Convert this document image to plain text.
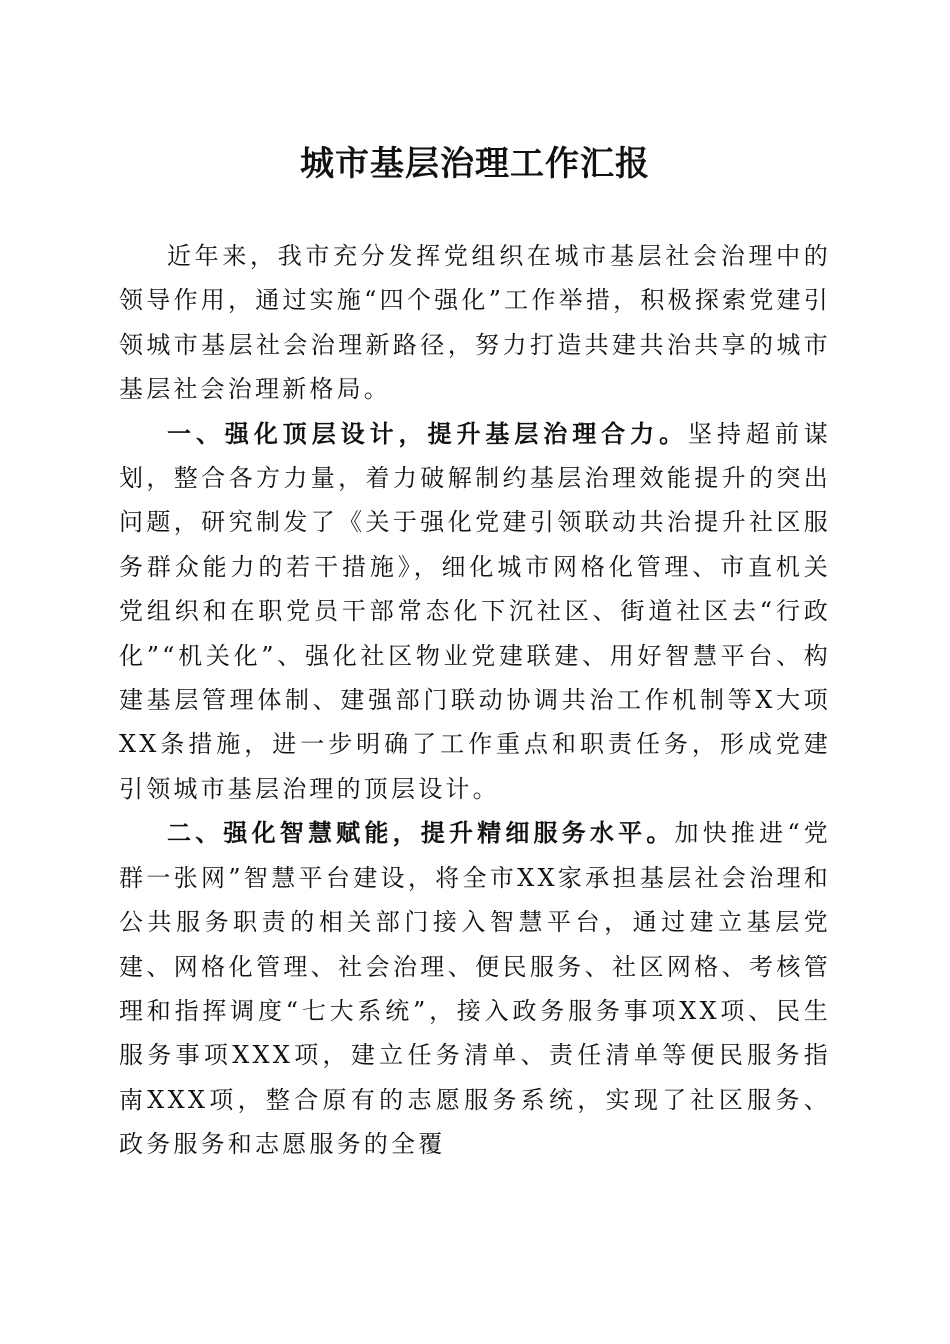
城市基层治理工作汇报

近年来，我市充分发挥党组织在城市基层社会治理中的领导作用，通过实施“四个强化”工作举措，积极探索党建引领城市基层社会治理新路径，努力打造共建共治共享的城市基层社会治理新格局。

一、强化顶层设计，提升基层治理合力。坚持超前谋划，整合各方力量，着力破解制约基层治理效能提升的突出问题，研究制发了《关于强化党建引领联动共治提升社区服务群众能力的若干措施》，细化城市网格化管理、市直机关党组织和在职党员干部常态化下沉社区、街道社区去“行政化”“机关化”、强化社区物业党建联建、用好智慧平台、构建基层管理体制、建强部门联动协调共治工作机制等X大项XX条措施，进一步明确了工作重点和职责任务，形成党建引领城市基层治理的顶层设计。

二、强化智慧赋能，提升精细服务水平。加快推进“党群一张网”智慧平台建设，将全市XX家承担基层社会治理和公共服务职责的相关部门接入智慧平台，通过建立基层党建、网格化管理、社会治理、便民服务、社区网格、考核管理和指挥调度“七大系统”，接入政务服务事项XX项、民生服务事项XXX项，建立任务清单、责任清单等便民服务指南XXX项，整合原有的志愿服务系统，实现了社区服务、政务服务和志愿服务的全覆
